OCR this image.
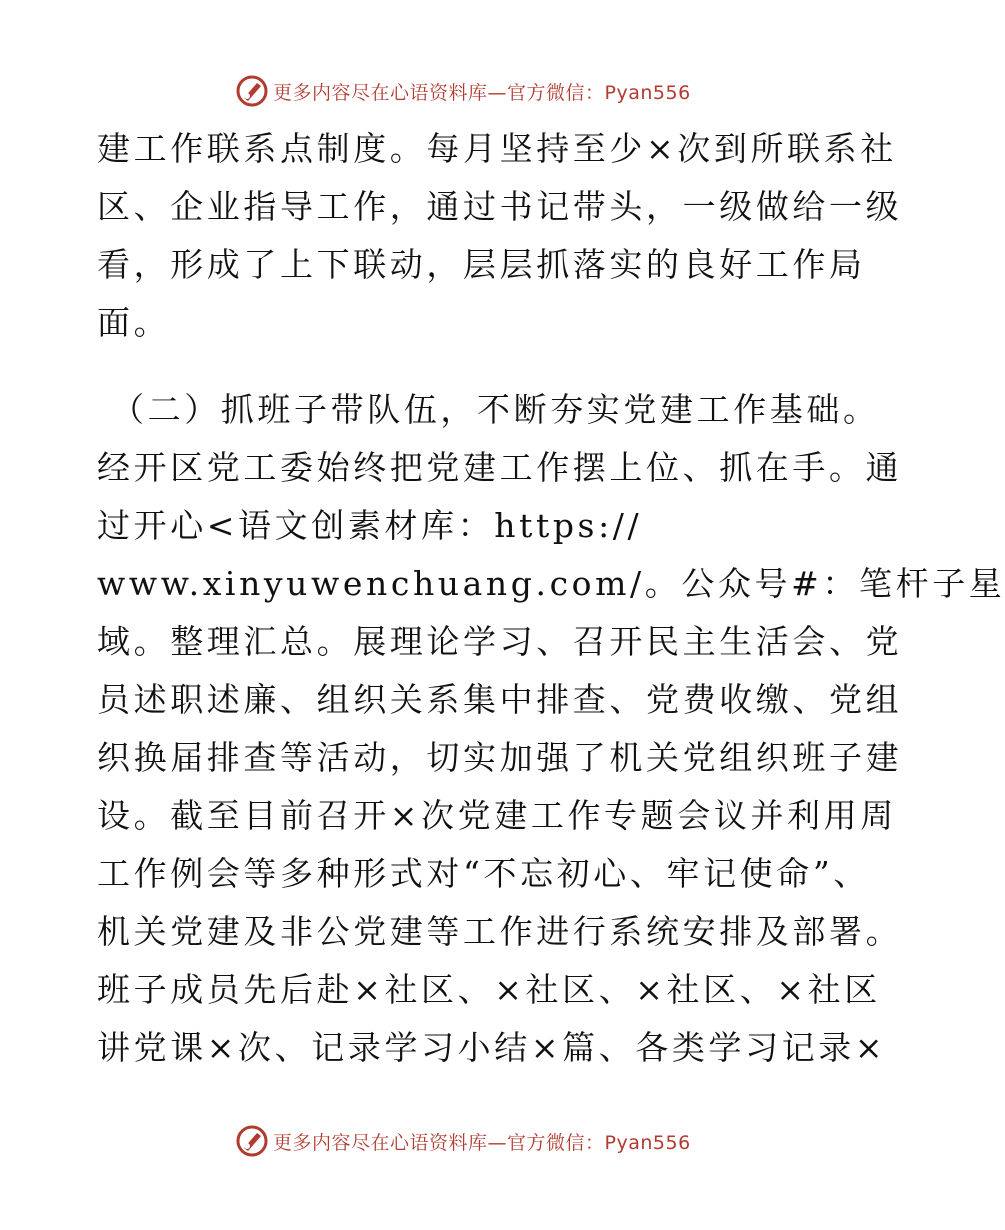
更多内容尽在心语资料库—官方微信：Pyan556
建工作联系点制度。每月坚持至少×次到所联系社
区、企业指导工作，通过书记带头，一级做给一级
看，形成了上下联动，层层抓落实的良好工作局
面。
（二）抓班子带队伍，不断夯实党建工作基础。
经开区党工委始终把党建工作摆上位、抓在手。通
过开心<语文创素材库：https://
www.xinyuwenchuang.com/。公众号#：笔杆子星
域。整理汇总。展理论学习、召开民主生活会、党
员述职述廉、组织关系集中排查、党费收缴、党组
织换届排查等活动，切实加强了机关党组织班子建
设。截至目前召开×次党建工作专题会议并利用周
工作例会等多种形式对“不忘初心、牢记使命”、
机关党建及非公党建等工作进行系统安排及部署。
班子成员先后赴×社区、×社区、×社区、×社区
讲党课×次、记录学习小结×篇、各类学习记录×
更多内容尽在心语资料库—官方微信：Pyan556
